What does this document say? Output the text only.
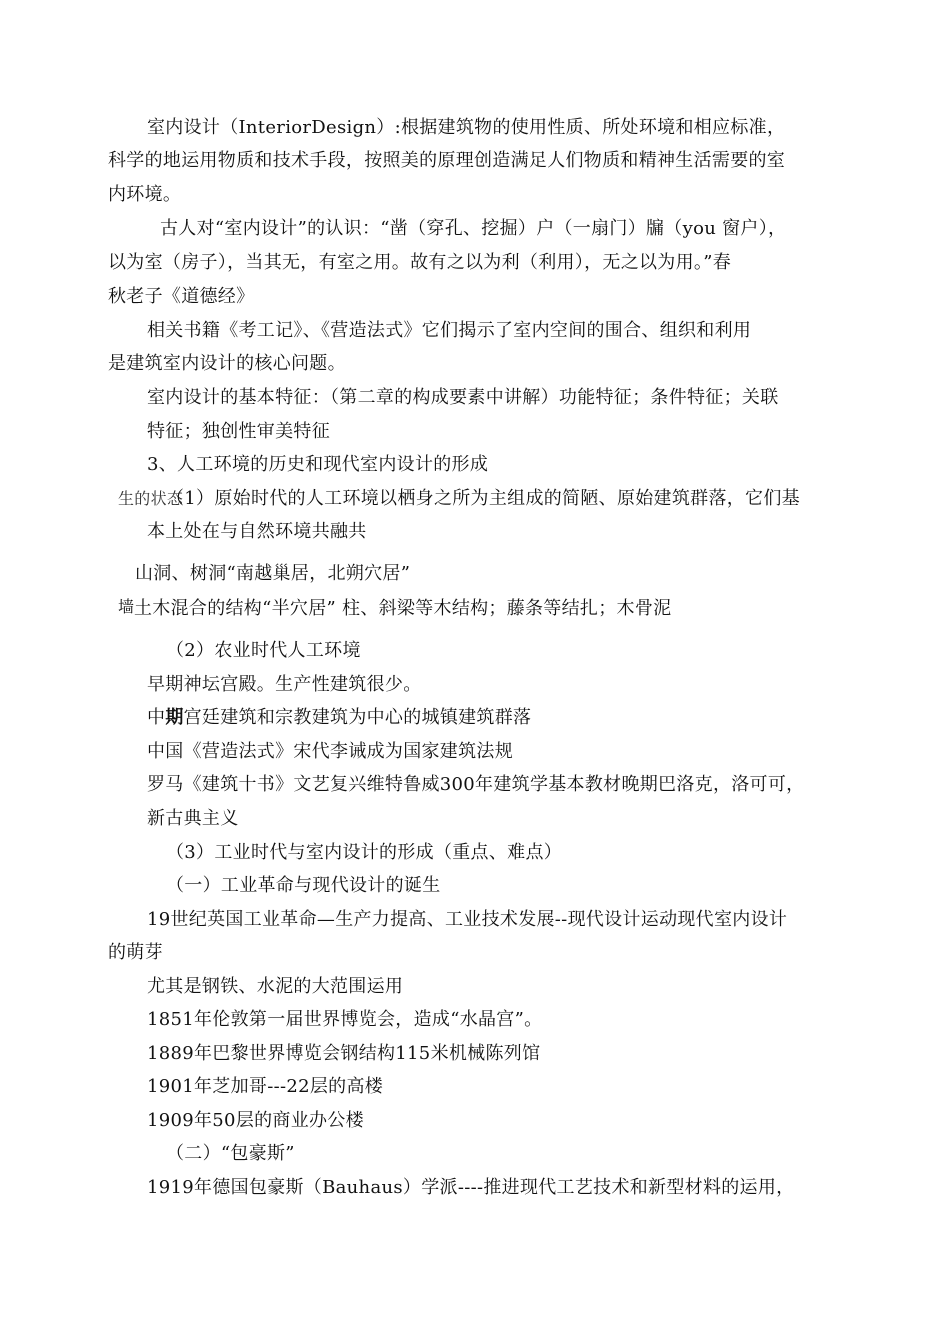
室内设计（InteriorDesign）:根据建筑物的使用性质、所处环境和相应标准，
科学的地运用物质和技术手段，按照美的原理创造满足人们物质和精神生活需要的室
内环境。
古人对“室内设计”的认识：“凿（穿孔、挖掘）户（一扇门）牖（you 窗户），
以为室（房子），当其无，有室之用。故有之以为利（利用），无之以为用。”春
秋老子《道德经》
相关书籍《考工记》、《营造法式》它们揭示了室内空间的围合、组织和利用
是建筑室内设计的核心问题。
室内设计的基本特征：（第二章的构成要素中讲解）功能特征；条件特征；关联
特征；独创性审美特征
3、人工环境的历史和现代室内设计的形成
生的状态
（1）原始时代的人工环境以栖身之所为主组成的简陋、原始建筑群落，它们基
本上处在与自然环境共融共
山洞、树洞“南越巢居，北朔穴居”
墙 土木混合的结构“半穴居” 柱、斜梁等木结构；藤条等结扎；木骨泥
（2）农业时代人工环境
早期神坛宫殿。生产性建筑很少。
中期宫廷建筑和宗教建筑为中心的城镇建筑群落
中国《营造法式》宋代李诫成为国家建筑法规
罗马《建筑十书》文艺复兴维特鲁威300年建筑学基本教材晚期巴洛克，洛可可，
新古典主义
（3）工业时代与室内设计的形成（重点、难点）
（一）工业革命与现代设计的诞生
19世纪英国工业革命—生产力提高、工业技术发展--现代设计运动现代室内设计
的萌芽
尤其是钢铁、水泥的大范围运用
1851年伦敦第一届世界博览会，造成“水晶宫”。
1889年巴黎世界博览会钢结构115米机械陈列馆
1901年芝加哥---22层的高楼
1909年50层的商业办公楼
（二）“包豪斯”
1919年德国包豪斯（Bauhaus）学派----推进现代工艺技术和新型材料的运用，
